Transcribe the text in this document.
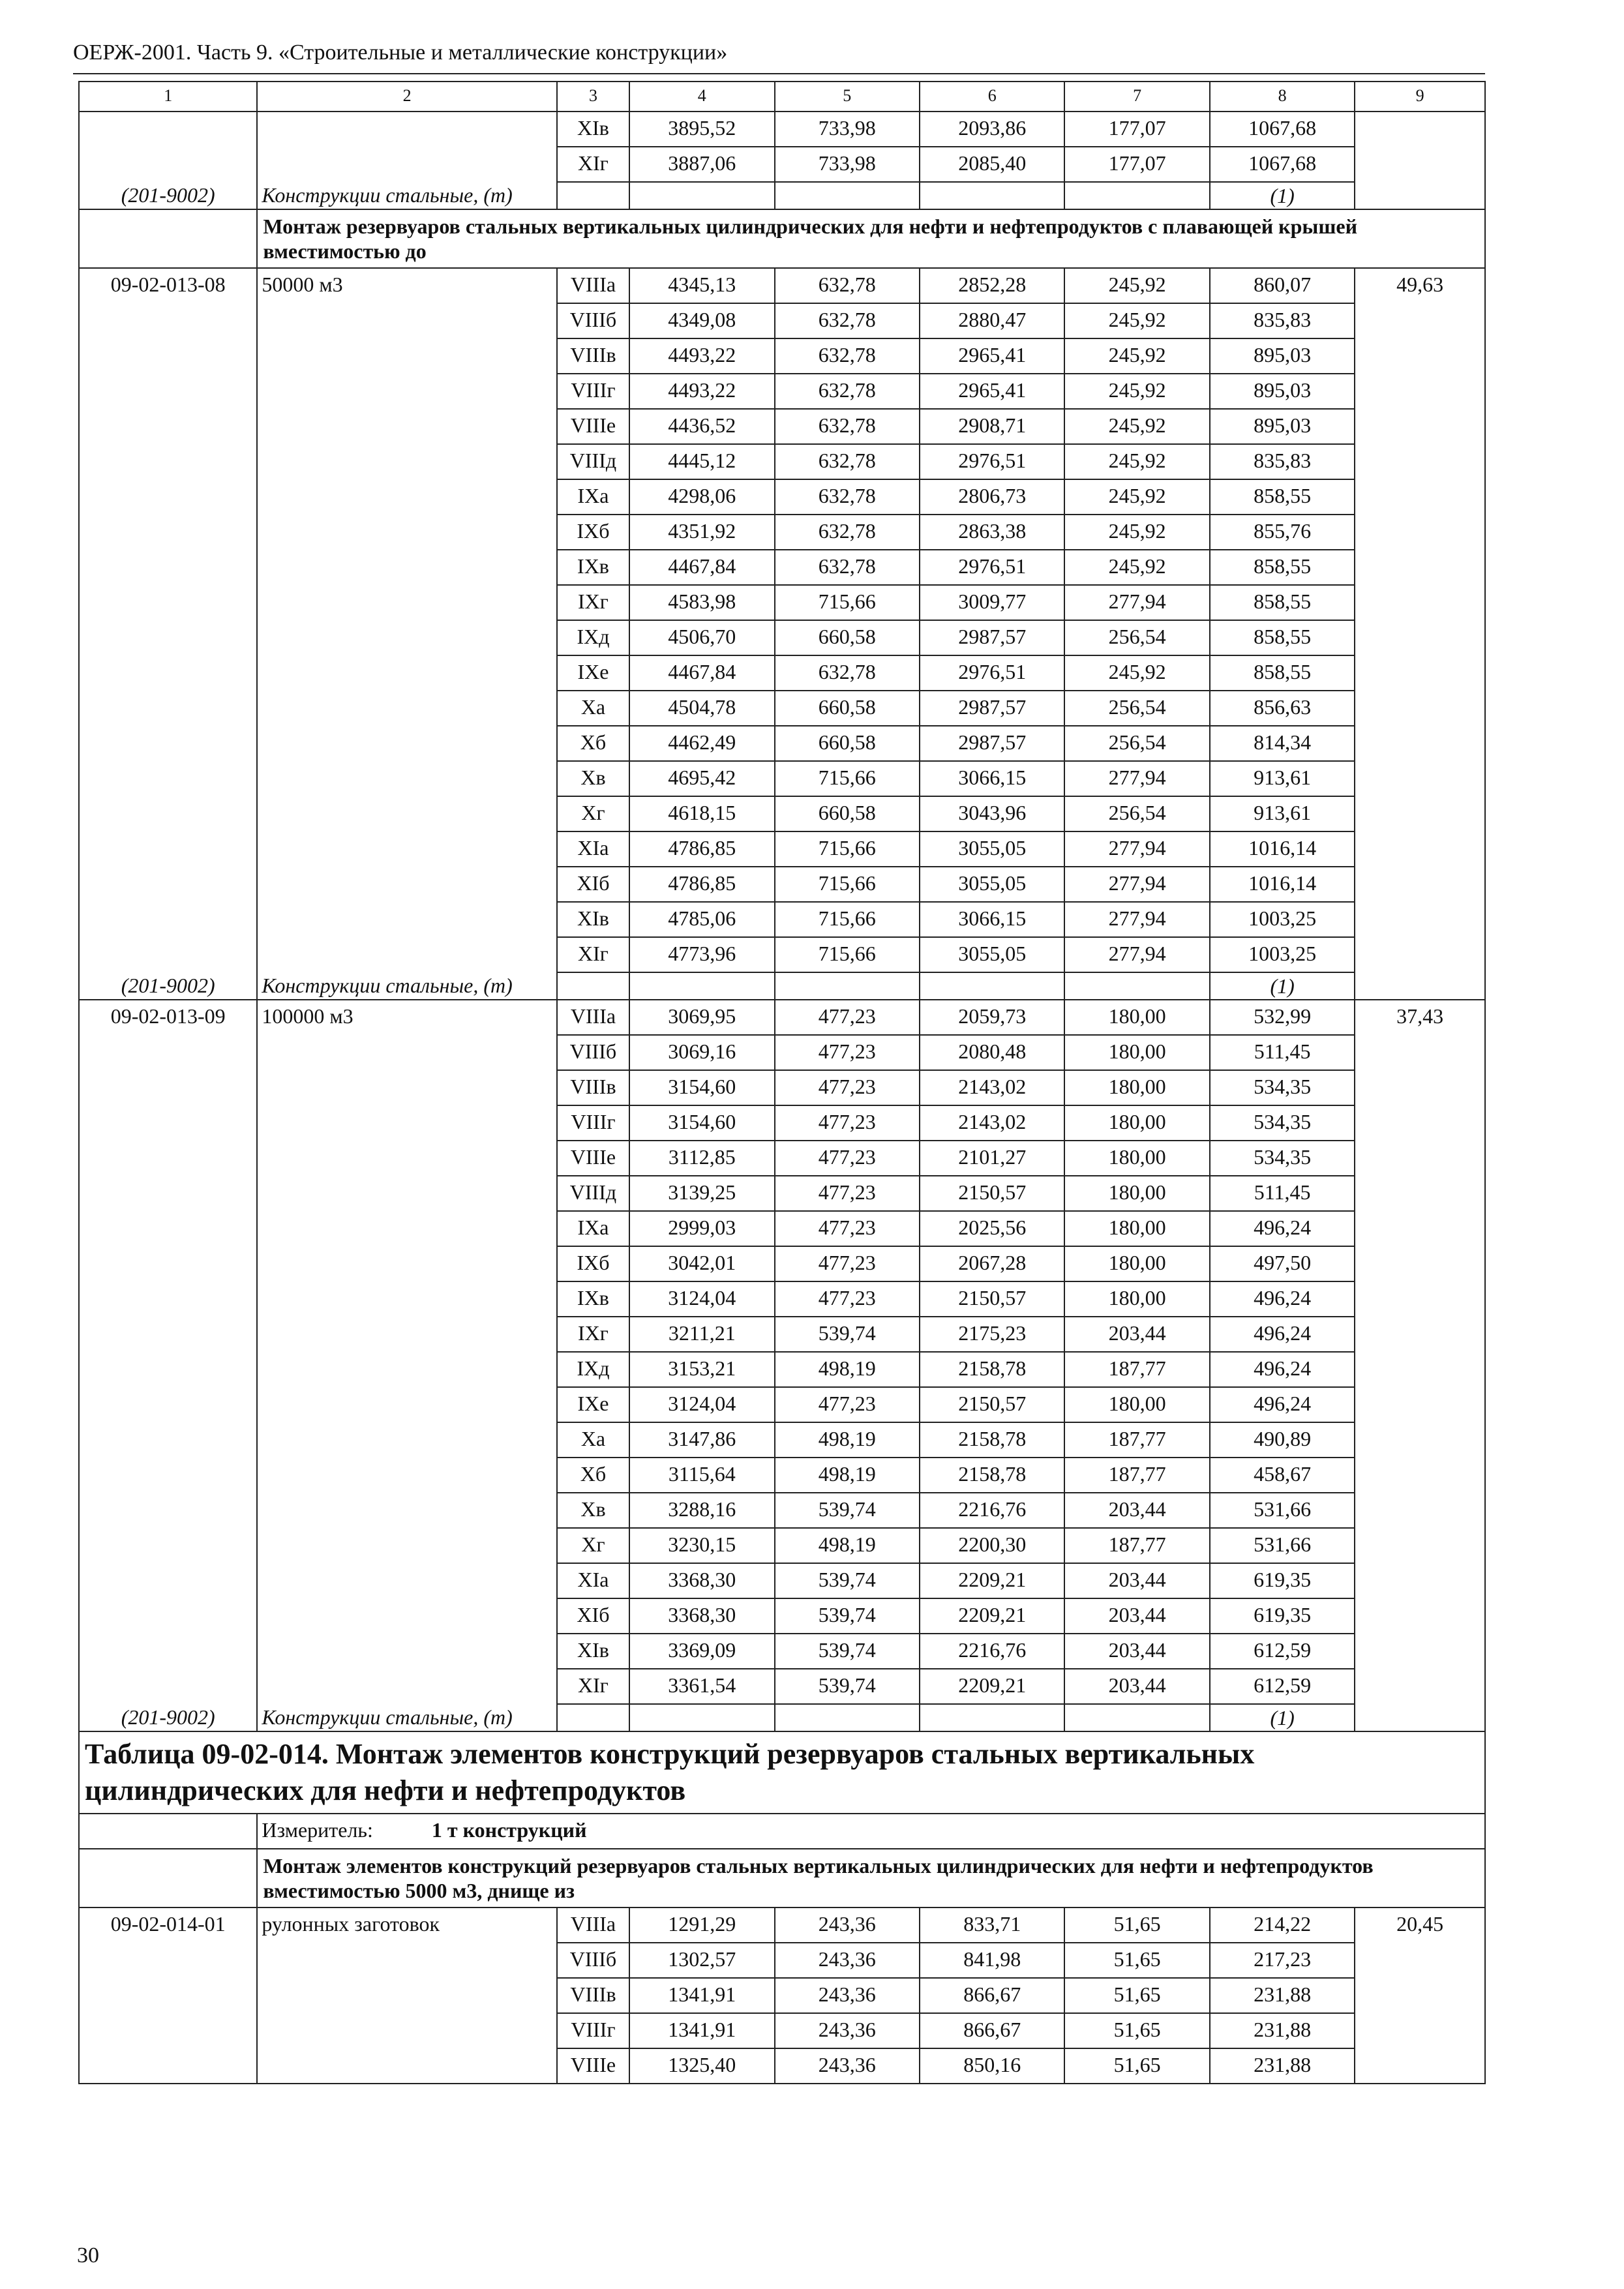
ОЕРЖ-2001. Часть 9. «Строительные и металлические конструкции»
1	2	3	4	5	6	7	8	9
		XIв	3895,52	733,98	2093,86	177,07	1067,68	
		XIг	3887,06	733,98	2085,40	177,07	1067,68	
(201-9002)	Конструкции стальные, (т)						(1)	
	Монтаж резервуаров стальных вертикальных цилиндрических для нефти и нефтепродуктов с плавающей крышей вместимостью до							
09-02-013-08	50000 м3	VIIIа	4345,13	632,78	2852,28	245,92	860,07	49,63
		VIIIб	4349,08	632,78	2880,47	245,92	835,83	
		VIIIв	4493,22	632,78	2965,41	245,92	895,03	
		VIIIг	4493,22	632,78	2965,41	245,92	895,03	
		VIIIе	4436,52	632,78	2908,71	245,92	895,03	
		VIIIд	4445,12	632,78	2976,51	245,92	835,83	
		IXа	4298,06	632,78	2806,73	245,92	858,55	
		IXб	4351,92	632,78	2863,38	245,92	855,76	
		IXв	4467,84	632,78	2976,51	245,92	858,55	
		IXг	4583,98	715,66	3009,77	277,94	858,55	
		IXд	4506,70	660,58	2987,57	256,54	858,55	
		IXе	4467,84	632,78	2976,51	245,92	858,55	
		Xа	4504,78	660,58	2987,57	256,54	856,63	
		Xб	4462,49	660,58	2987,57	256,54	814,34	
		Xв	4695,42	715,66	3066,15	277,94	913,61	
		Xг	4618,15	660,58	3043,96	256,54	913,61	
		XIа	4786,85	715,66	3055,05	277,94	1016,14	
		XIб	4786,85	715,66	3055,05	277,94	1016,14	
		XIв	4785,06	715,66	3066,15	277,94	1003,25	
		XIг	4773,96	715,66	3055,05	277,94	1003,25	
(201-9002)	Конструкции стальные, (т)						(1)	
09-02-013-09	100000 м3	VIIIа	3069,95	477,23	2059,73	180,00	532,99	37,43
		VIIIб	3069,16	477,23	2080,48	180,00	511,45	
		VIIIв	3154,60	477,23	2143,02	180,00	534,35	
		VIIIг	3154,60	477,23	2143,02	180,00	534,35	
		VIIIе	3112,85	477,23	2101,27	180,00	534,35	
		VIIIд	3139,25	477,23	2150,57	180,00	511,45	
		IXа	2999,03	477,23	2025,56	180,00	496,24	
		IXб	3042,01	477,23	2067,28	180,00	497,50	
		IXв	3124,04	477,23	2150,57	180,00	496,24	
		IXг	3211,21	539,74	2175,23	203,44	496,24	
		IXд	3153,21	498,19	2158,78	187,77	496,24	
		IXе	3124,04	477,23	2150,57	180,00	496,24	
		Xа	3147,86	498,19	2158,78	187,77	490,89	
		Xб	3115,64	498,19	2158,78	187,77	458,67	
		Xв	3288,16	539,74	2216,76	203,44	531,66	
		Xг	3230,15	498,19	2200,30	187,77	531,66	
		XIа	3368,30	539,74	2209,21	203,44	619,35	
		XIб	3368,30	539,74	2209,21	203,44	619,35	
		XIв	3369,09	539,74	2216,76	203,44	612,59	
		XIг	3361,54	539,74	2209,21	203,44	612,59	
(201-9002)	Конструкции стальные, (т)						(1)	
Таблица 09-02-014. Монтаж элементов конструкций резервуаров стальных вертикальных цилиндрических для нефти и нефтепродуктов								
	Измеритель: 1 т конструкций							
	Монтаж элементов конструкций резервуаров стальных вертикальных цилиндрических для нефти и нефтепродуктов вместимостью 5000 м3, днище из							
09-02-014-01	рулонных заготовок	VIIIа	1291,29	243,36	833,71	51,65	214,22	20,45
		VIIIб	1302,57	243,36	841,98	51,65	217,23	
		VIIIв	1341,91	243,36	866,67	51,65	231,88	
		VIIIг	1341,91	243,36	866,67	51,65	231,88	
		VIIIе	1325,40	243,36	850,16	51,65	231,88	
30
